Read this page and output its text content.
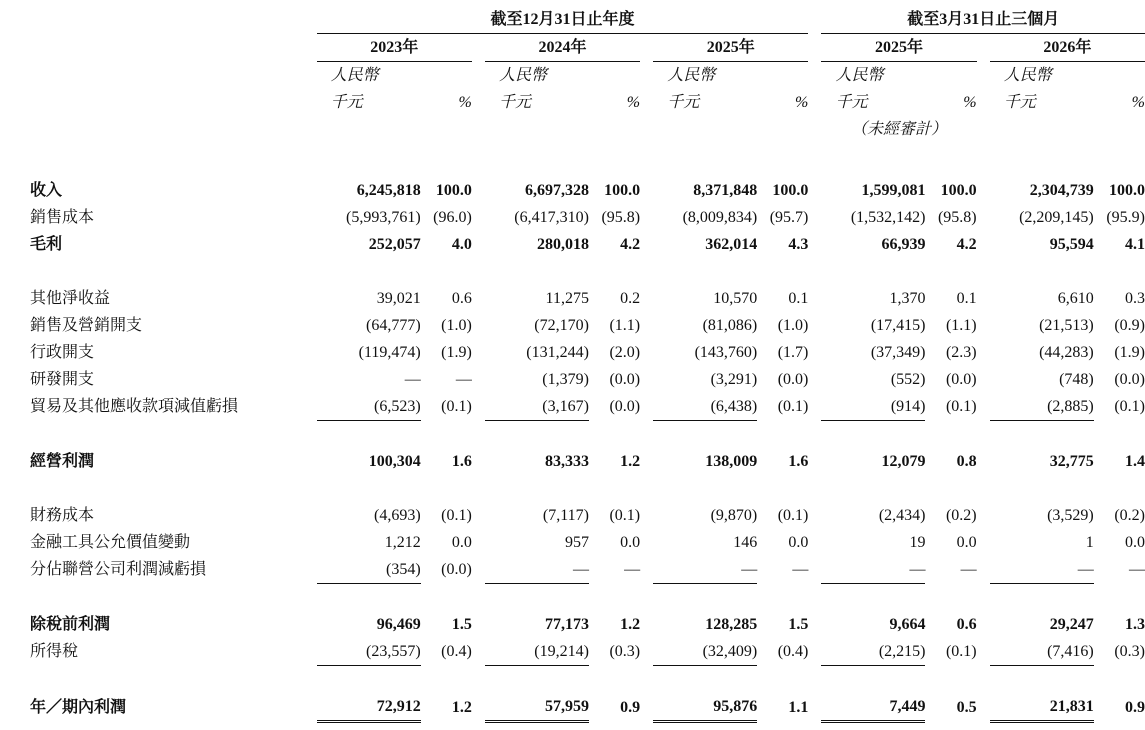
	截至12月31日止年度									截至3月31日止三個月				
	2023年			2024年			2025年			2025年			2026年	
	人民幣			人民幣			人民幣			人民幣			人民幣	
	千元	%		千元	%		千元	%		千元	%		千元	%
										（未經審計）				

收入	6,245,818	100.0		6,697,328	100.0		8,371,848	100.0		1,599,081	100.0		2,304,739	100.0
銷售成本	(5,993,761)	(96.0)		(6,417,310)	(95.8)		(8,009,834)	(95.7)		(1,532,142)	(95.8)		(2,209,145)	(95.9)
毛利	252,057	4.0		280,018	4.2		362,014	4.3		66,939	4.2		95,594	4.1

其他淨收益	39,021	0.6		11,275	0.2		10,570	0.1		1,370	0.1		6,610	0.3
銷售及營銷開支	(64,777)	(1.0)		(72,170)	(1.1)		(81,086)	(1.0)		(17,415)	(1.1)		(21,513)	(0.9)
行政開支	(119,474)	(1.9)		(131,244)	(2.0)		(143,760)	(1.7)		(37,349)	(2.3)		(44,283)	(1.9)
研發開支	—	—		(1,379)	(0.0)		(3,291)	(0.0)		(552)	(0.0)		(748)	(0.0)
貿易及其他應收款項減值虧損	(6,523)	(0.1)		(3,167)	(0.0)		(6,438)	(0.1)		(914)	(0.1)		(2,885)	(0.1)

經營利潤	100,304	1.6		83,333	1.2		138,009	1.6		12,079	0.8		32,775	1.4

財務成本	(4,693)	(0.1)		(7,117)	(0.1)		(9,870)	(0.1)		(2,434)	(0.2)		(3,529)	(0.2)
金融工具公允價值變動	1,212	0.0		957	0.0		146	0.0		19	0.0		1	0.0
分佔聯營公司利潤減虧損	(354)	(0.0)		—	—		—	—		—	—		—	—

除稅前利潤	96,469	1.5		77,173	1.2		128,285	1.5		9,664	0.6		29,247	1.3
所得稅	(23,557)	(0.4)		(19,214)	(0.3)		(32,409)	(0.4)		(2,215)	(0.1)		(7,416)	(0.3)

年／期內利潤	72,912	1.2		57,959	0.9		95,876	1.1		7,449	0.5		21,831	0.9
